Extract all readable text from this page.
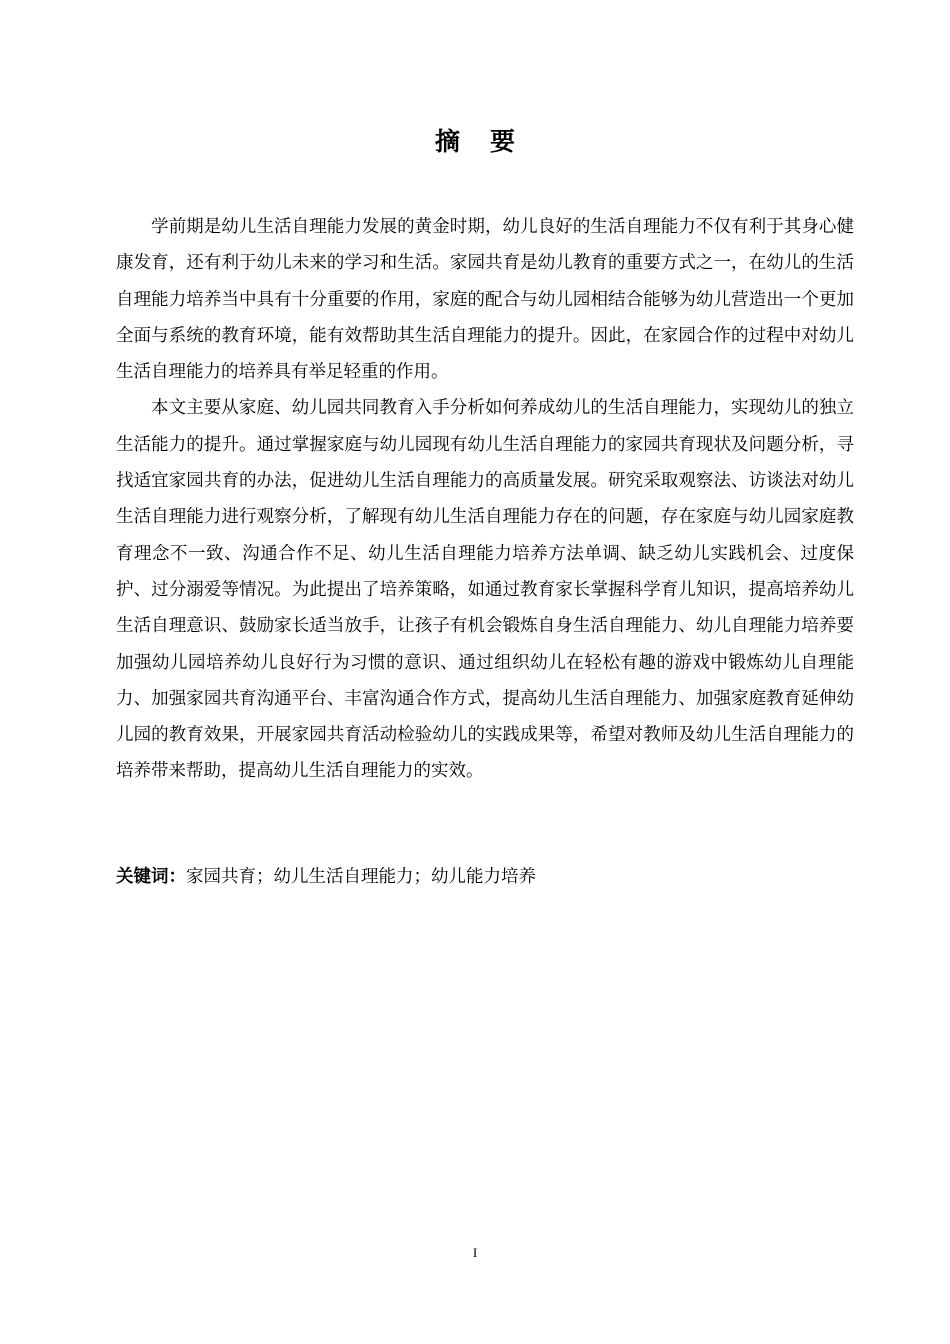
摘要

学前期是幼儿生活自理能力发展的黄金时期，幼儿良好的生活自理能力不仅有利于其身心健康发育，还有利于幼儿未来的学习和生活。家园共育是幼儿教育的重要方式之一，在幼儿的生活自理能力培养当中具有十分重要的作用，家庭的配合与幼儿园相结合能够为幼儿营造出一个更加全面与系统的教育环境，能有效帮助其生活自理能力的提升。因此，在家园合作的过程中对幼儿生活自理能力的培养具有举足轻重的作用。

本文主要从家庭、幼儿园共同教育入手分析如何养成幼儿的生活自理能力，实现幼儿的独立生活能力的提升。通过掌握家庭与幼儿园现有幼儿生活自理能力的家园共育现状及问题分析，寻找适宜家园共育的办法，促进幼儿生活自理能力的高质量发展。研究采取观察法、访谈法对幼儿生活自理能力进行观察分析，了解现有幼儿生活自理能力存在的问题，存在家庭与幼儿园家庭教育理念不一致、沟通合作不足、幼儿生活自理能力培养方法单调、缺乏幼儿实践机会、过度保护、过分溺爱等情况。为此提出了培养策略，如通过教育家长掌握科学育儿知识，提高培养幼儿生活自理意识、鼓励家长适当放手，让孩子有机会锻炼自身生活自理能力、幼儿自理能力培养要加强幼儿园培养幼儿良好行为习惯的意识、通过组织幼儿在轻松有趣的游戏中锻炼幼儿自理能力、加强家园共育沟通平台、丰富沟通合作方式，提高幼儿生活自理能力、加强家庭教育延伸幼儿园的教育效果，开展家园共育活动检验幼儿的实践成果等，希望对教师及幼儿生活自理能力的培养带来帮助，提高幼儿生活自理能力的实效。

关键词：家园共育；幼儿生活自理能力；幼儿能力培养
I
